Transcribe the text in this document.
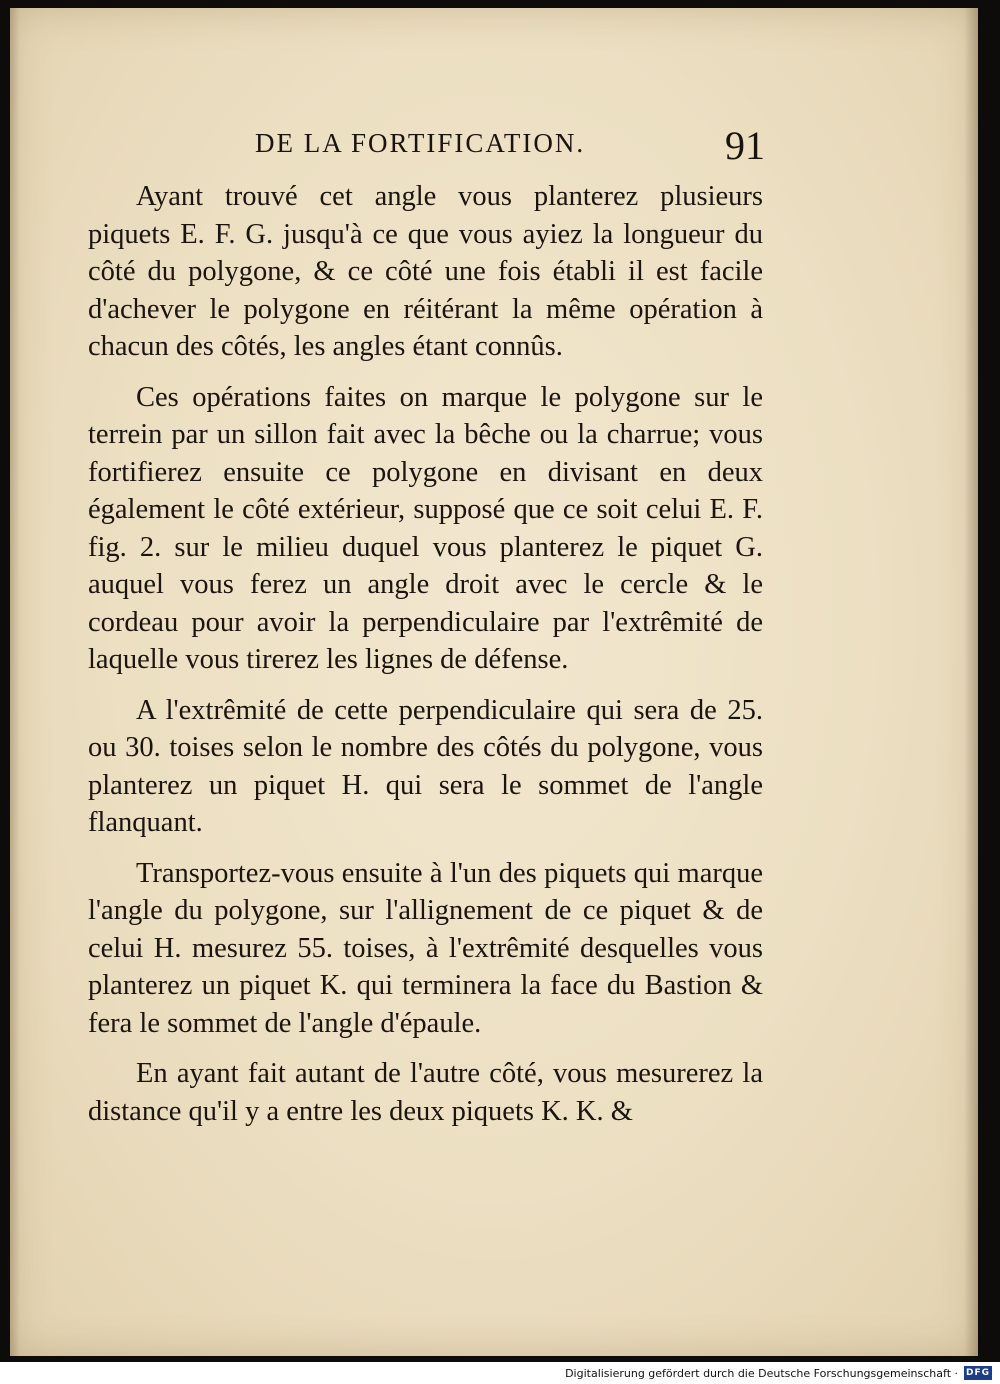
DE LA FORTIFICATION.	91

Ayant trouvé cet angle vous planterez plusieurs piquets E. F. G. jusqu'à ce que vous ayiez la longueur du côté du polygone, & ce côté une fois établi il est facile d'achever le polygone en réitérant la même opération à chacun des côtés, les angles étant connûs.

Ces opérations faites on marque le polygone sur le terrein par un sillon fait avec la bêche ou la charrue; vous fortifierez ensuite ce polygone en divisant en deux également le côté extérieur, supposé que ce soit celui E. F. fig. 2. sur le milieu duquel vous planterez le piquet G. auquel vous ferez un angle droit avec le cercle & le cordeau pour avoir la perpendiculaire par l'extrêmité de laquelle vous tirerez les lignes de défense.

A l'extrêmité de cette perpendiculaire qui sera de 25. ou 30. toises selon le nombre des côtés du polygone, vous planterez un piquet H. qui sera le sommet de l'angle flanquant.

Transportez-vous ensuite à l'un des piquets qui marque l'angle du polygone, sur l'allignement de ce piquet & de celui H. mesurez 55. toises, à l'extrêmité desquelles vous planterez un piquet K. qui terminera la face du Bastion & fera le sommet de l'angle d'épaule.

En ayant fait autant de l'autre côté, vous mesurerez la distance qu'il y a entre les deux piquets K. K. &

Digitalisierung gefördert durch die Deutsche Forschungsgemeinschaft · DFG
